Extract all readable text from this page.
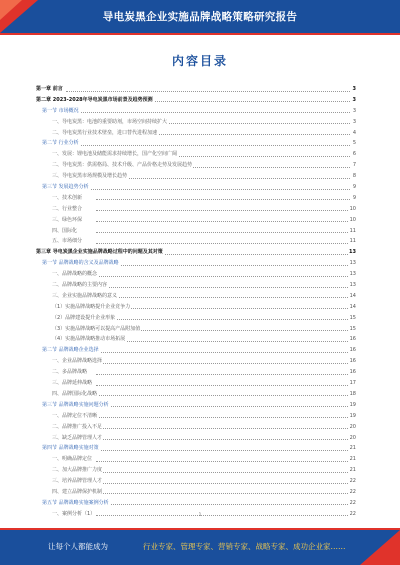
导电炭黑企业实施品牌战略策略研究报告
内容目录
第一章 前言	3
第二章 2023-2028年导电炭黑市场前景及趋势预测	3
第一节 市场概况	3
一、导电炭黑：电池的重要助剂，市场空间持续扩大	3
二、导电炭黑行业技术壁垒，进口替代进程加速	4
第二节 行业分析	5
一、发展：锂电池及储能需求持续增长，国产化空间广阔	6
二、导电炭黑：供需格局、技术升级、产品价格走势及发展趋势	7
三、导电炭黑市场规模及增长趋势	8
第三节 发展趋势分析	9
一、技术创新	9
二、行业整合	10
三、绿色环保	10
四、国际化	11
五、市场细分	11
第三章 导电炭黑企业实施品牌战略过程中的问题及其对策	13
第一节 品牌战略的含义及品牌战略	13
一、品牌战略的概念	13
二、品牌战略的主要内容	13
三、企业实施品牌战略的意义	14
（1）实施品牌战略提升企业竞争力	14
（2）品牌建设提升企业形象	15
（3）实施品牌战略可以提高产品附加值	15
（4）实施品牌战略推动市场拓展	16
第二节 品牌战略企业选择	16
一、企业品牌战略选择	16
二、多品牌战略	16
三、品牌延伸战略	17
四、品牌国际化战略	18
第三节 品牌战略实施问题分析	19
一、品牌定位不清晰	19
二、品牌推广投入不足	20
三、缺乏品牌管理人才	20
第四节 品牌战略实施对策	21
一、明确品牌定位	21
二、加大品牌推广力度	21
三、培养品牌管理人才	22
四、建立品牌保护机制	22
第五节 品牌战略实施案例分析	22
一、案例分析（1）	22
1
让每个人都能成为	行业专家、管理专家、营销专家、战略专家、成功企业家……
